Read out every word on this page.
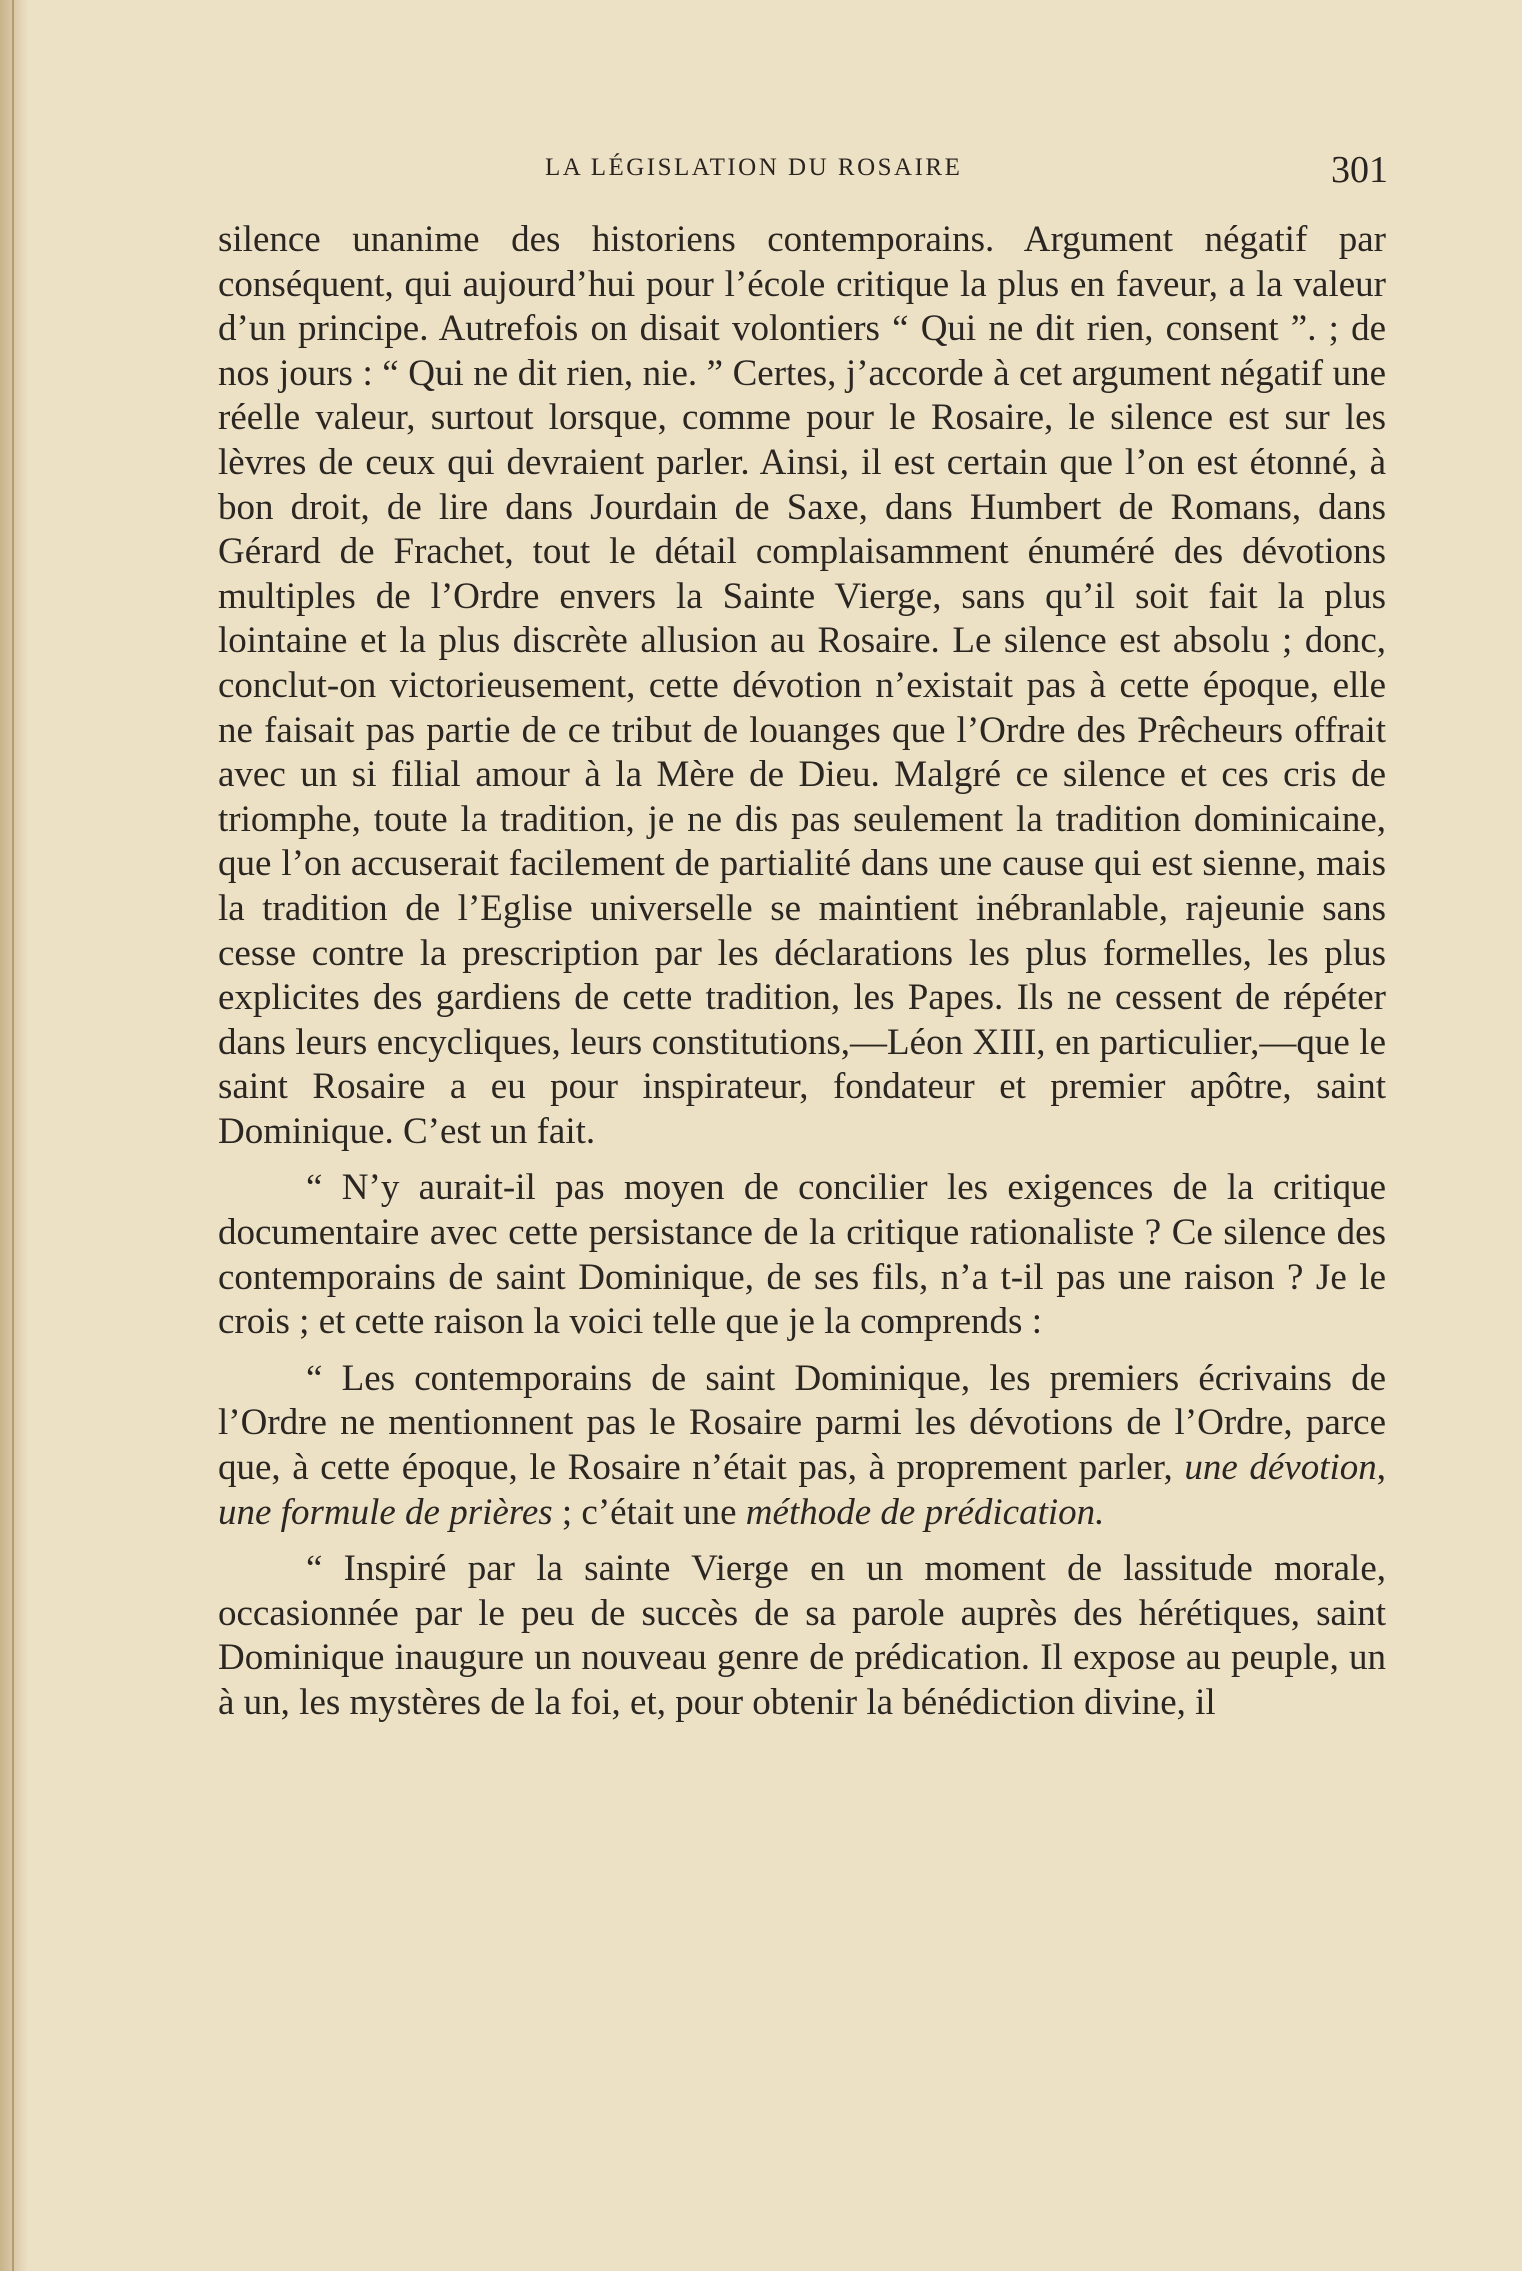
LA LÉGISLATION DU ROSAIRE	301

silence unanime des historiens contemporains. Argument négatif par conséquent, qui aujourd’hui pour l’école critique la plus en faveur, a la valeur d’un principe. Autrefois on disait volontiers “ Qui ne dit rien, consent ”. ; de nos jours : “ Qui ne dit rien, nie. ” Certes, j’accorde à cet argument négatif une réelle valeur, surtout lorsque, comme pour le Rosaire, le silence est sur les lèvres de ceux qui devraient parler. Ainsi, il est certain que l’on est étonné, à bon droit, de lire dans Jourdain de Saxe, dans Humbert de Romans, dans Gérard de Frachet, tout le détail complaisamment énuméré des dévotions multiples de l’Ordre envers la Sainte Vierge, sans qu’il soit fait la plus lointaine et la plus discrète allusion au Rosaire. Le silence est absolu ; donc, conclut-on victorieusement, cette dévotion n’existait pas à cette époque, elle ne faisait pas partie de ce tribut de louanges que l’Ordre des Prêcheurs offrait avec un si filial amour à la Mère de Dieu. Malgré ce silence et ces cris de triomphe, toute la tradition, je ne dis pas seulement la tradition dominicaine, que l’on accuserait facilement de partialité dans une cause qui est sienne, mais la tradition de l’Eglise universelle se maintient inébranlable, rajeunie sans cesse contre la prescription par les déclarations les plus formelles, les plus explicites des gardiens de cette tradition, les Papes. Ils ne cessent de répéter dans leurs encycliques, leurs constitutions,—Léon XIII, en particulier,—que le saint Rosaire a eu pour inspirateur, fondateur et premier apôtre, saint Dominique. C’est un fait.

“ N’y aurait-il pas moyen de concilier les exigences de la critique documentaire avec cette persistance de la critique rationaliste ? Ce silence des contemporains de saint Dominique, de ses fils, n’a t-il pas une raison ? Je le crois ; et cette raison la voici telle que je la comprends :

“ Les contemporains de saint Dominique, les premiers écrivains de l’Ordre ne mentionnent pas le Rosaire parmi les dévotions de l’Ordre, parce que, à cette époque, le Rosaire n’était pas, à proprement parler, une dévotion, une formule de prières ; c’était une méthode de prédication.

“ Inspiré par la sainte Vierge en un moment de lassitude morale, occasionnée par le peu de succès de sa parole auprès des hérétiques, saint Dominique inaugure un nouveau genre de prédication. Il expose au peuple, un à un, les mystères de la foi, et, pour obtenir la bénédiction divine, il
